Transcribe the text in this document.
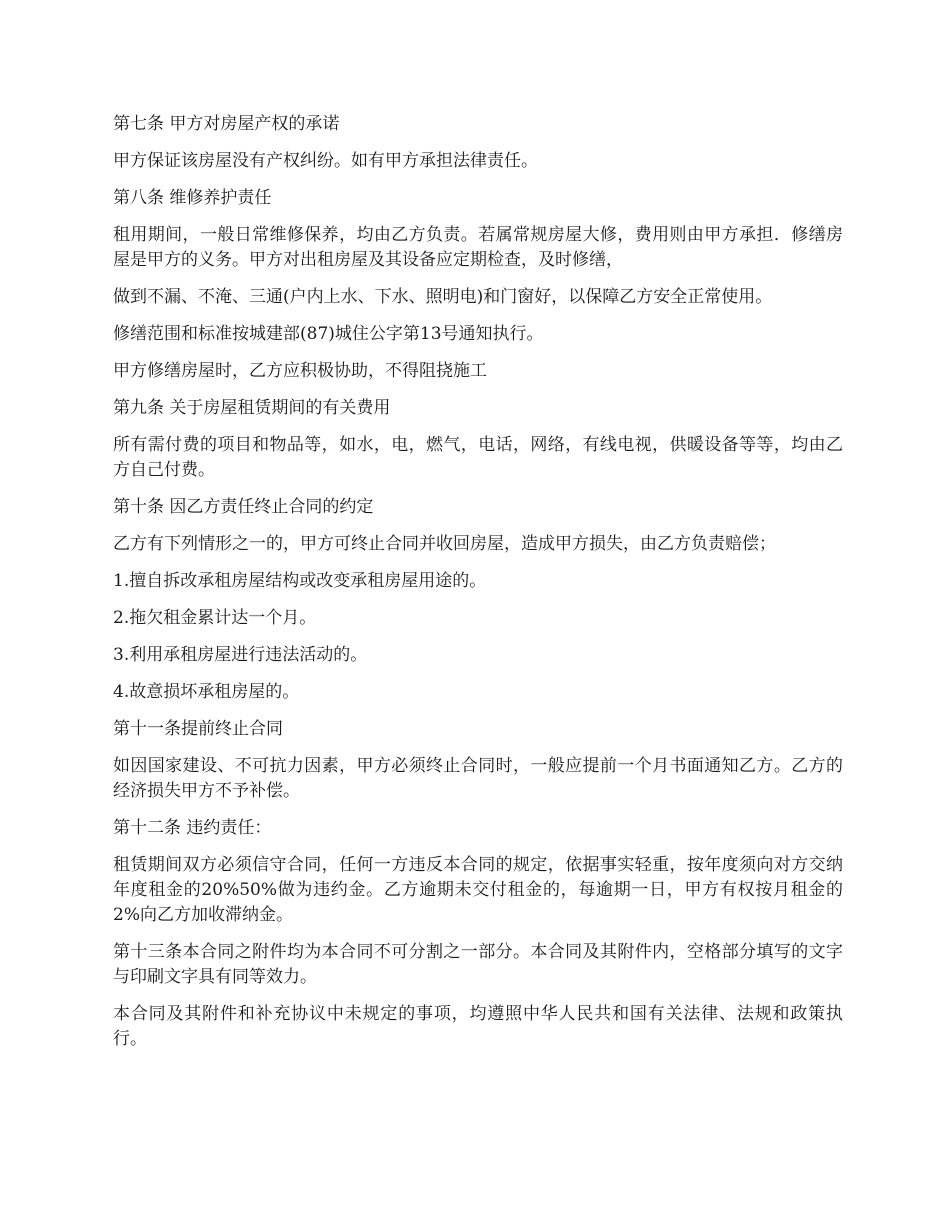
第七条 甲方对房屋产权的承诺

甲方保证该房屋没有产权纠纷。如有甲方承担法律责任。

第八条 维修养护责任

租用期间，一般日常维修保养，均由乙方负责。若属常规房屋大修，费用则由甲方承担．修缮房屋是甲方的义务。甲方对出租房屋及其设备应定期检查，及时修缮，

做到不漏、不淹、三通(户内上水、下水、照明电)和门窗好，以保障乙方安全正常使用。

修缮范围和标准按城建部(87)城住公字第13号通知执行。

甲方修缮房屋时，乙方应积极协助，不得阻挠施工

第九条 关于房屋租赁期间的有关费用

所有需付费的项目和物品等，如水，电，燃气，电话，网络，有线电视，供暖设备等等，均由乙方自己付费。

第十条 因乙方责任终止合同的约定

乙方有下列情形之一的，甲方可终止合同并收回房屋，造成甲方损失，由乙方负责赔偿；

1.擅自拆改承租房屋结构或改变承租房屋用途的。

2.拖欠租金累计达一个月。

3.利用承租房屋进行违法活动的。

4.故意损坏承租房屋的。

第十一条提前终止合同

如因国家建设、不可抗力因素，甲方必须终止合同时，一般应提前一个月书面通知乙方。乙方的经济损失甲方不予补偿。

第十二条 违约责任：

租赁期间双方必须信守合同，任何一方违反本合同的规定，依据事实轻重，按年度须向对方交纳年度租金的20%50%做为违约金。乙方逾期未交付租金的，每逾期一日，甲方有权按月租金的2%向乙方加收滞纳金。

第十三条本合同之附件均为本合同不可分割之一部分。本合同及其附件内，空格部分填写的文字与印刷文字具有同等效力。

本合同及其附件和补充协议中未规定的事项，均遵照中华人民共和国有关法律、法规和政策执行。
